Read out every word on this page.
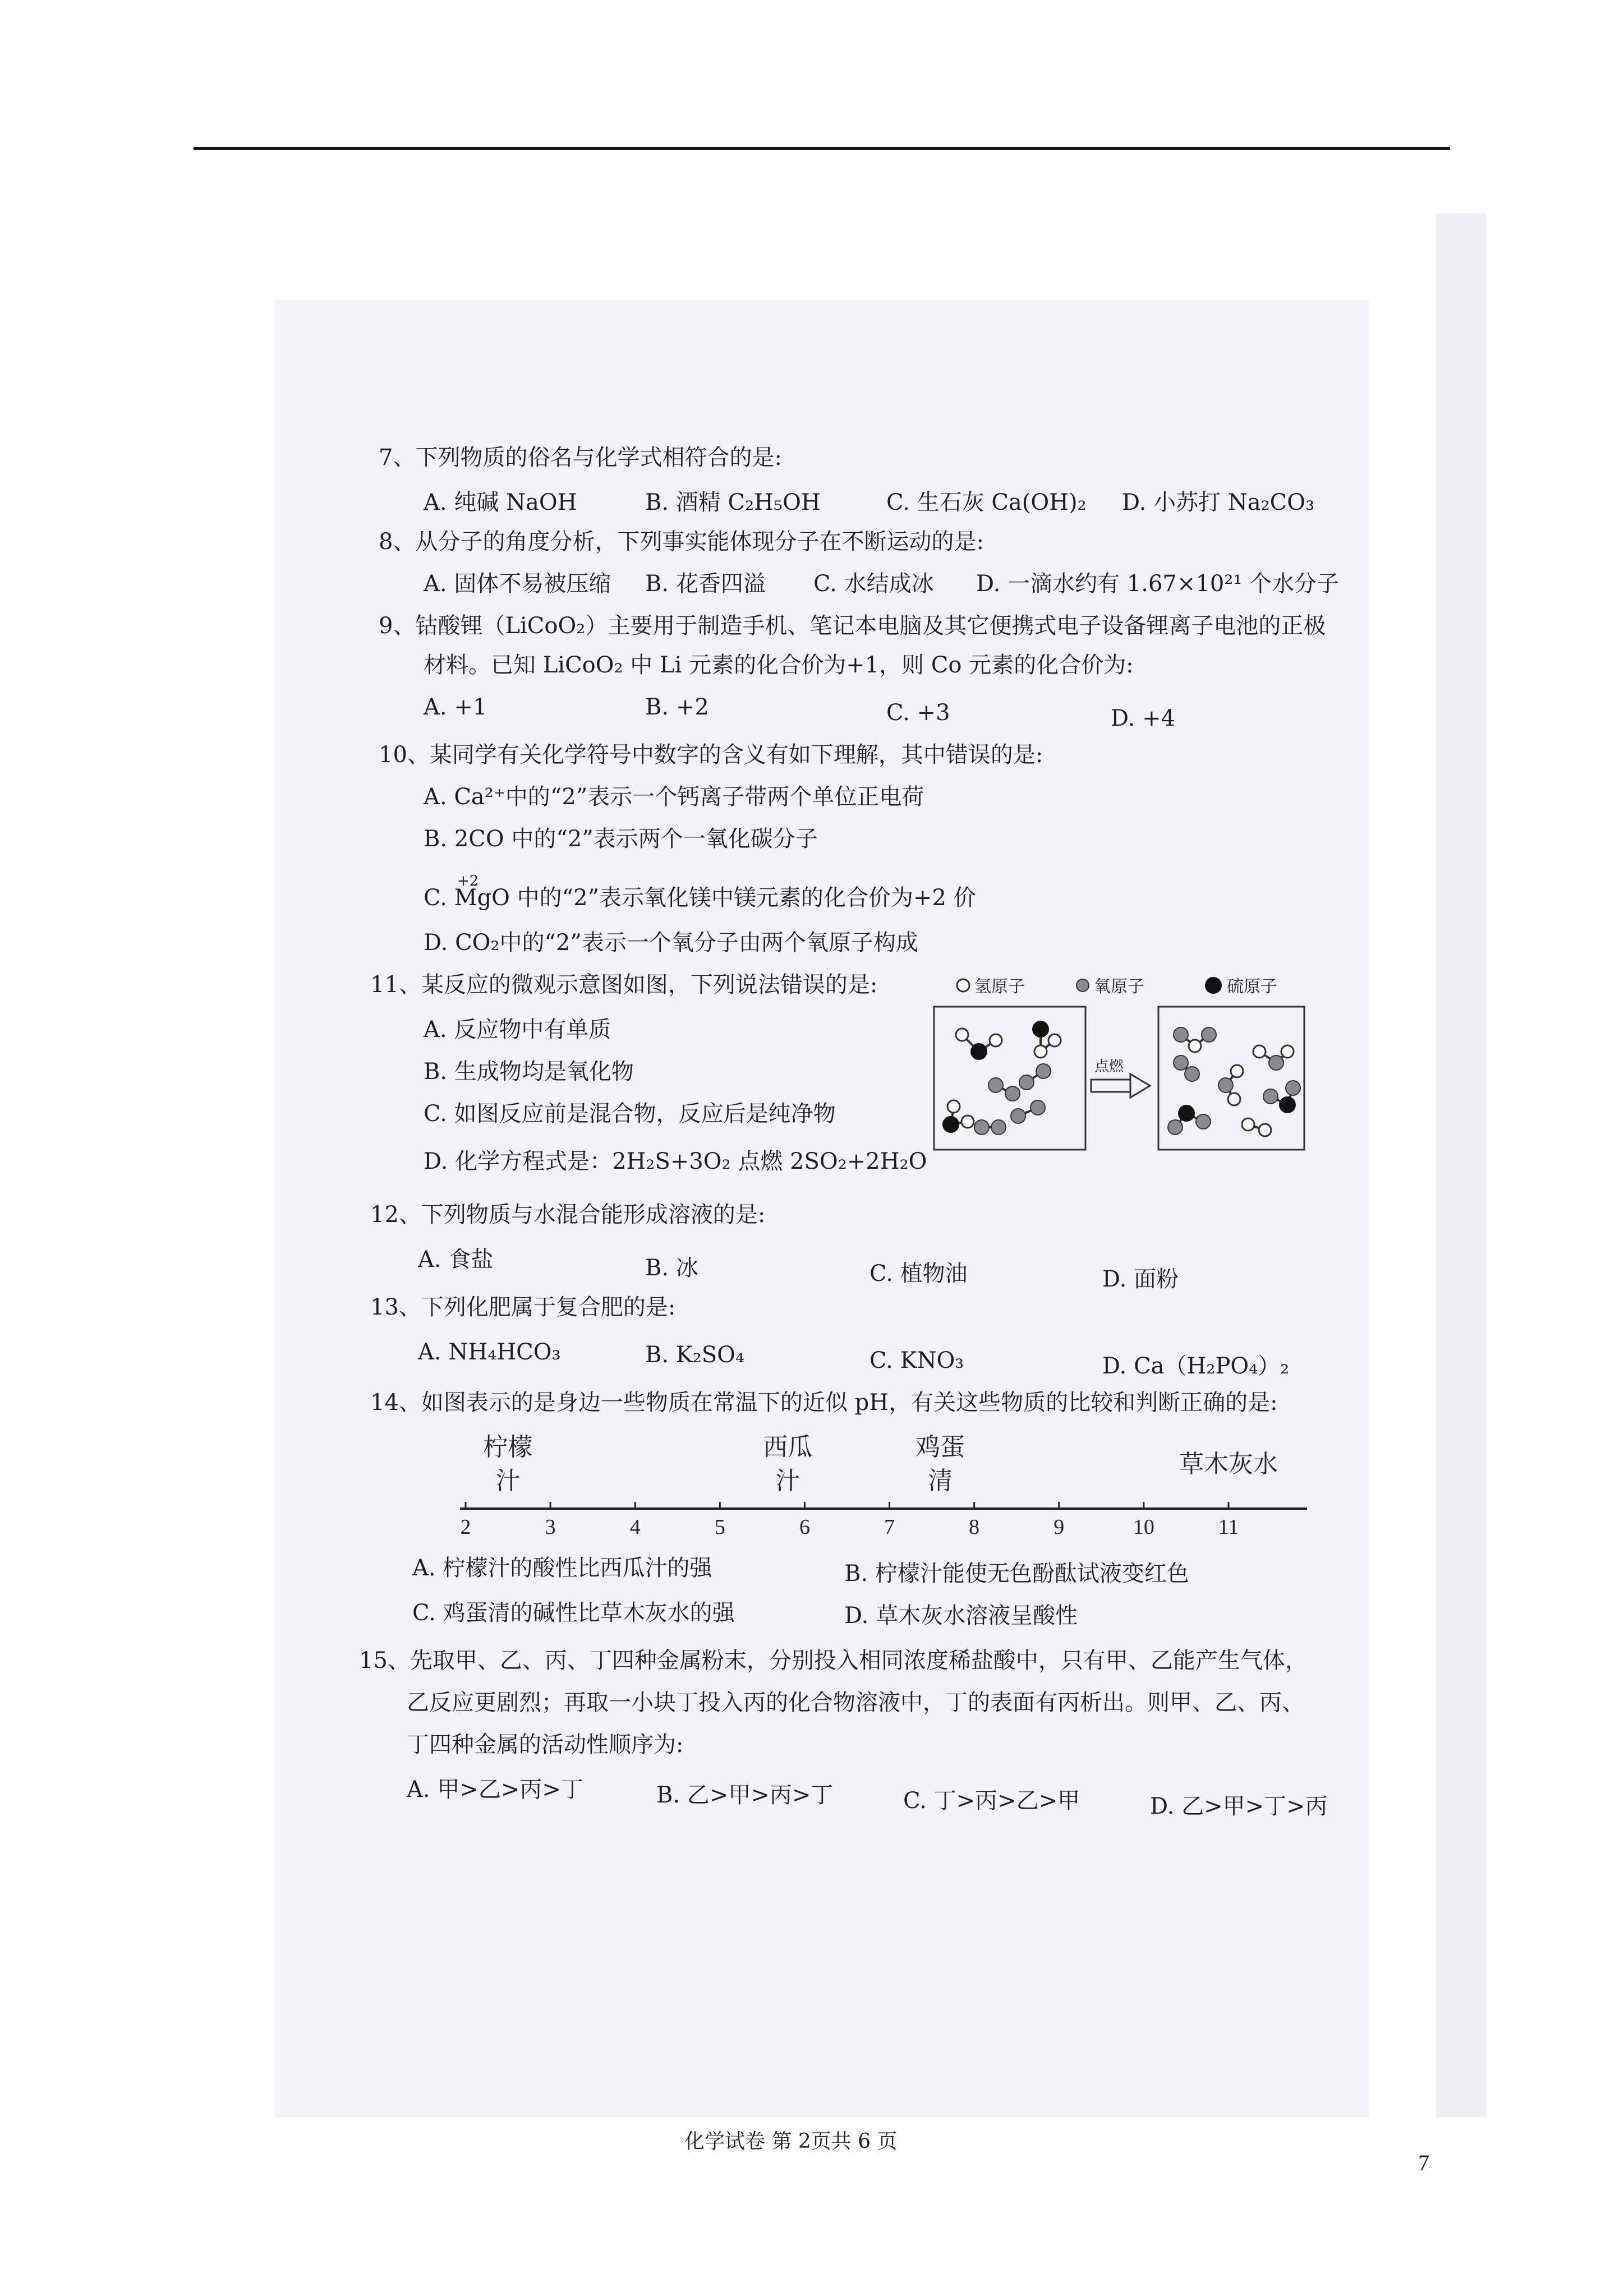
7、下列物质的俗名与化学式相符合的是:
A. 纯碱 NaOH	B. 酒精 C₂H₅OH	C. 生石灰 Ca(OH)₂ D. 小苏打 Na₂CO₃
8、从分子的角度分析，下列事实能体现分子在不断运动的是:
A. 固体不易被压缩 B. 花香四溢 C. 水结成冰 D. 一滴水约有 1.67×10²¹ 个水分子
9、钴酸锂（LiCoO₂）主要用于制造手机、笔记本电脑及其它便携式电子设备锂离子电池的正极
材料。已知 LiCoO₂ 中 Li 元素的化合价为+1，则 Co 元素的化合价为:
A. +1	B. +2	C. +3	D. +4
10、某同学有关化学符号中数字的含义有如下理解，其中错误的是:
A. Ca²⁺中的“2”表示一个钙离子带两个单位正电荷
B. 2CO 中的“2”表示两个一氧化碳分子
+2
C. MgO 中的“2”表示氧化镁中镁元素的化合价为+2 价
D. CO₂中的“2”表示一个氧分子由两个氧原子构成
11、某反应的微观示意图如图，下列说法错误的是:
A. 反应物中有单质
B. 生成物均是氧化物
C. 如图反应前是混合物，反应后是纯净物
D. 化学方程式是：2H₂S+3O₂ 点燃 2SO₂+2H₂O
氢原子	氧原子	硫原子
点燃
12、下列物质与水混合能形成溶液的是:
A. 食盐	B. 冰	C. 植物油	D. 面粉
13、下列化肥属于复合肥的是:
A. NH₄HCO₃	B. K₂SO₄	C. KNO₃	D. Ca（H₂PO₄）₂
14、如图表示的是身边一些物质在常温下的近似 pH，有关这些物质的比较和判断正确的是:
2	3	4	5	6	7	8	9	10	11
柠檬
汁
西瓜
汁
鸡蛋
清
草木灰水
A. 柠檬汁的酸性比西瓜汁的强	B. 柠檬汁能使无色酚酞试液变红色
C. 鸡蛋清的碱性比草木灰水的强	D. 草木灰水溶液呈酸性
15、先取甲、乙、丙、丁四种金属粉末，分别投入相同浓度稀盐酸中，只有甲、乙能产生气体，
乙反应更剧烈；再取一小块丁投入丙的化合物溶液中，丁的表面有丙析出。则甲、乙、丙、
丁四种金属的活动性顺序为:
A. 甲>乙>丙>丁	B. 乙>甲>丙>丁	C. 丁>丙>乙>甲	D. 乙>甲>丁>丙
化学试卷 第 2页共 6 页
7
